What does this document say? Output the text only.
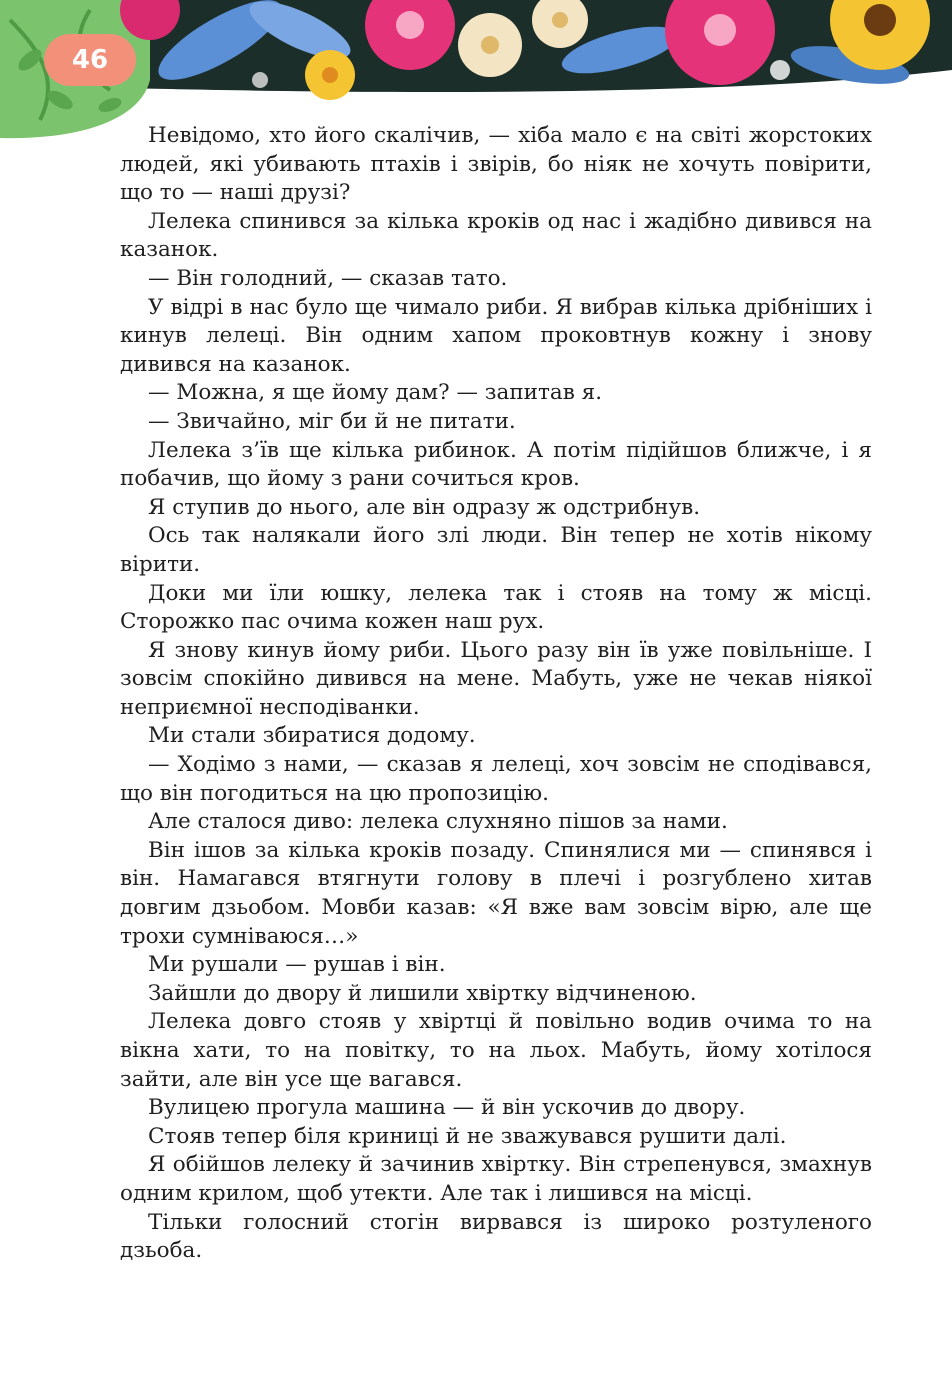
46

Невідомо, хто його скалічив, — хіба мало є на світі жорстоких людей, які убивають птахів і звірів, бо ніяк не хочуть повірити, що то — наші друзі?

Лелека спинився за кілька кроків од нас і жадібно дивився на казанок.

— Він голодний, — сказав тато.

У відрі в нас було ще чимало риби. Я вибрав кілька дрібніших і кинув лелеці. Він одним хапом проковтнув кожну і знову дивився на казанок.

— Можна, я ще йому дам? — запитав я.

— Звичайно, міг би й не питати.

Лелека з’їв ще кілька рибинок. А потім підійшов ближче, і я побачив, що йому з рани сочиться кров.

Я ступив до нього, але він одразу ж одстрибнув.

Ось так налякали його злі люди. Він тепер не хотів нікому вірити.

Доки ми їли юшку, лелека так і стояв на тому ж місці. Сторожко пас очима кожен наш рух.

Я знову кинув йому риби. Цього разу він їв уже повільніше. І зовсім спокійно дивився на мене. Мабуть, уже не чекав ніякої неприємної несподіванки.

Ми стали збиратися додому.

— Ходімо з нами, — сказав я лелеці, хоч зовсім не сподівався, що він погодиться на цю пропозицію.

Але сталося диво: лелека слухняно пішов за нами.

Він ішов за кілька кроків позаду. Спинялися ми — спинявся і він. Намагався втягнути голову в плечі і розгублено хитав довгим дзьобом. Мовби казав: «Я вже вам зовсім вірю, але ще трохи сумніваюся…»

Ми рушали — рушав і він.

Зайшли до двору й лишили хвіртку відчиненою.

Лелека довго стояв у хвіртці й повільно водив очима то на вікна хати, то на повітку, то на льох. Мабуть, йому хотілося зайти, але він усе ще вагався.

Вулицею прогула машина — й він ускочив до двору.

Стояв тепер біля криниці й не зважувався рушити далі.

Я обійшов лелеку й зачинив хвіртку. Він стрепенувся, змахнув одним крилом, щоб утекти. Але так і лишився на місці.

Тільки голосний стогін вирвався із широко розтуленого дзьоба.
